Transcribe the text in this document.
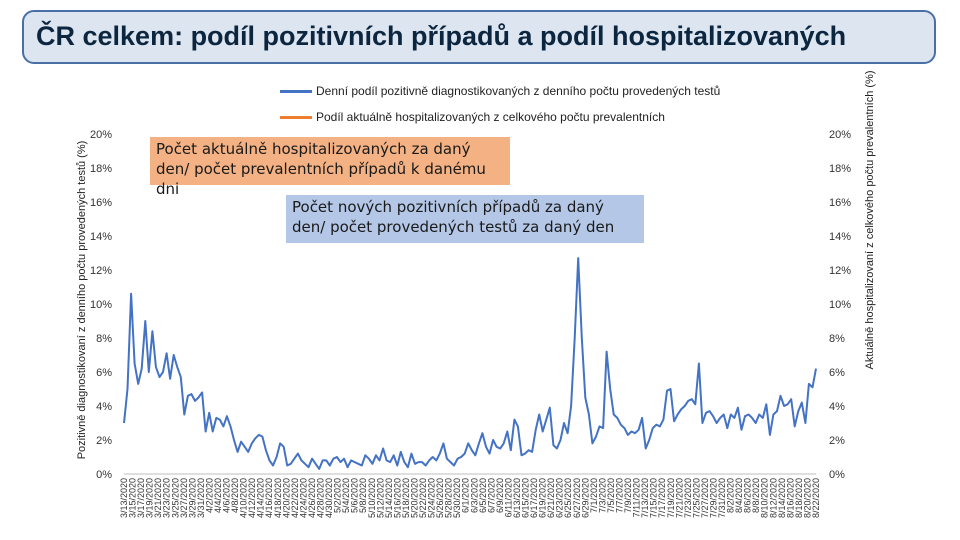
ČR celkem: podíl pozitivních případů a podíl hospitalizovaných
Denní podíl pozitivně diagnostikovaných z denního počtu provedených testů
Podíl aktuálně hospitalizovaných z celkového počtu prevalentních
Pozitivně diagnostikovaní z denního počtu provedených testů (%)	Aktuálně hospitalizovaní z celkového počtu prevalentních (%)
0%	0%
2%	2%
4%	4%
6%	6%
8%	8%
10%	10%
12%	12%
14%	14%
16%	16%
18%	18%
20%	20%
3/13/2020
3/15/2020
3/17/2020
3/19/2020
3/21/2020
3/23/2020
3/25/2020
3/27/2020
3/29/2020
3/31/2020
4/2/2020
4/4/2020
4/6/2020
4/8/2020
4/10/2020
4/12/2020
4/14/2020
4/16/2020
4/18/2020
4/20/2020
4/22/2020
4/24/2020
4/26/2020
4/28/2020
4/30/2020
5/2/2020
5/4/2020
5/6/2020
5/8/2020
5/10/2020
5/12/2020
5/14/2020
5/16/2020
5/18/2020
5/20/2020
5/22/2020
5/24/2020
5/26/2020
5/28/2020
5/30/2020
6/1/2020
6/3/2020
6/5/2020
6/7/2020
6/9/2020
6/11/2020
6/13/2020
6/15/2020
6/17/2020
6/19/2020
6/21/2020
6/23/2020
6/25/2020
6/27/2020
6/29/2020
7/1/2020
7/3/2020
7/5/2020
7/7/2020
7/9/2020
7/11/2020
7/13/2020
7/15/2020
7/17/2020
7/19/2020
7/21/2020
7/23/2020
7/25/2020
7/27/2020
7/29/2020
7/31/2020
8/2/2020
8/4/2020
8/6/2020
8/8/2020
8/10/2020
8/12/2020
8/14/2020
8/16/2020
8/18/2020
8/20/2020
8/22/2020
Počet aktuálně hospitalizovaných za daný den/ počet prevalentních případů k danému dni
Počet nových pozitivních případů za daný den/ počet provedených testů za daný den
